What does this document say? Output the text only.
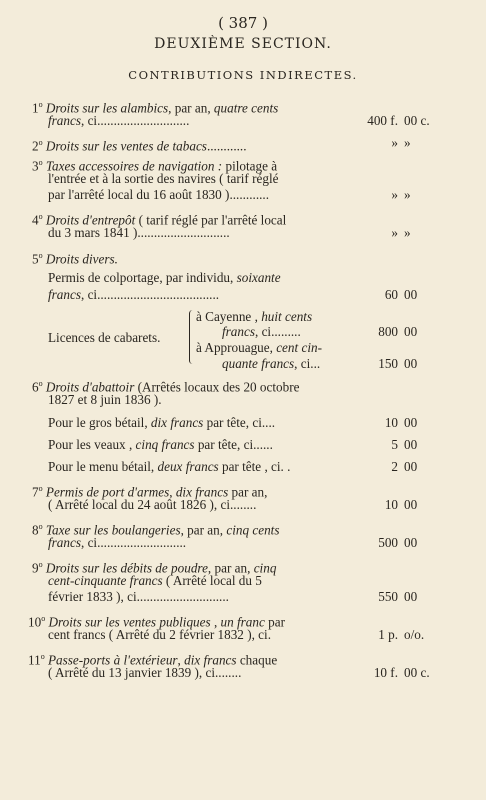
( 387 )
DEUXIÈME SECTION.
CONTRIBUTIONS INDIRECTES.
1$^o$ Droits sur les alambics, par an, quatre cents
francs, ci............................
2$^o$ Droits sur les ventes de tabacs............
3$^o$ Taxes accessoires de navigation : pilotage à
l'entrée et à la sortie des navires ( tarif réglé
par l'arrêté local du 16 août 1830 )............
4$^o$ Droits d'entrepôt ( tarif réglé par l'arrêté local
du 3 mars 1841 )............................
5$^o$ Droits divers.
Permis de colportage, par individu, soixante
francs, ci.....................................
Licences de cabarets.
à Cayenne , huit cents
francs, ci.........
à Approuague, cent cin-
quante francs, ci...
6$^o$ Droits d'abattoir (Arrêtés locaux des 20 octobre
1827 et 8 juin 1836 ).
Pour le gros bétail, dix francs par tête, ci....
Pour les veaux , cinq francs par tête, ci......
Pour le menu bétail, deux francs par tête , ci. .
7$^o$ Permis de port d'armes, dix francs par an,
( Arrêté local du 24 août 1826 ), ci........
8$^o$ Taxe sur les boulangeries, par an, cinq cents
francs, ci...........................
9$^o$ Droits sur les débits de poudre, par an, cinq
cent-cinquante francs ( Arrêté local du 5
février 1833 ), ci............................
10$^o$ Droits sur les ventes publiques , un franc par
cent francs ( Arrêté du 2 février 1832 ), ci.
11$^o$ Passe-ports à l'extérieur, dix francs chaque
( Arrêté du 13 janvier 1839 ), ci........
400 f. 00 c.
» »
» »
» »
60 00
800 00
150 00
10 00
5 00
2 00
10 00
500 00
550 00
1 p. o/o.
10 f. 00 c.
